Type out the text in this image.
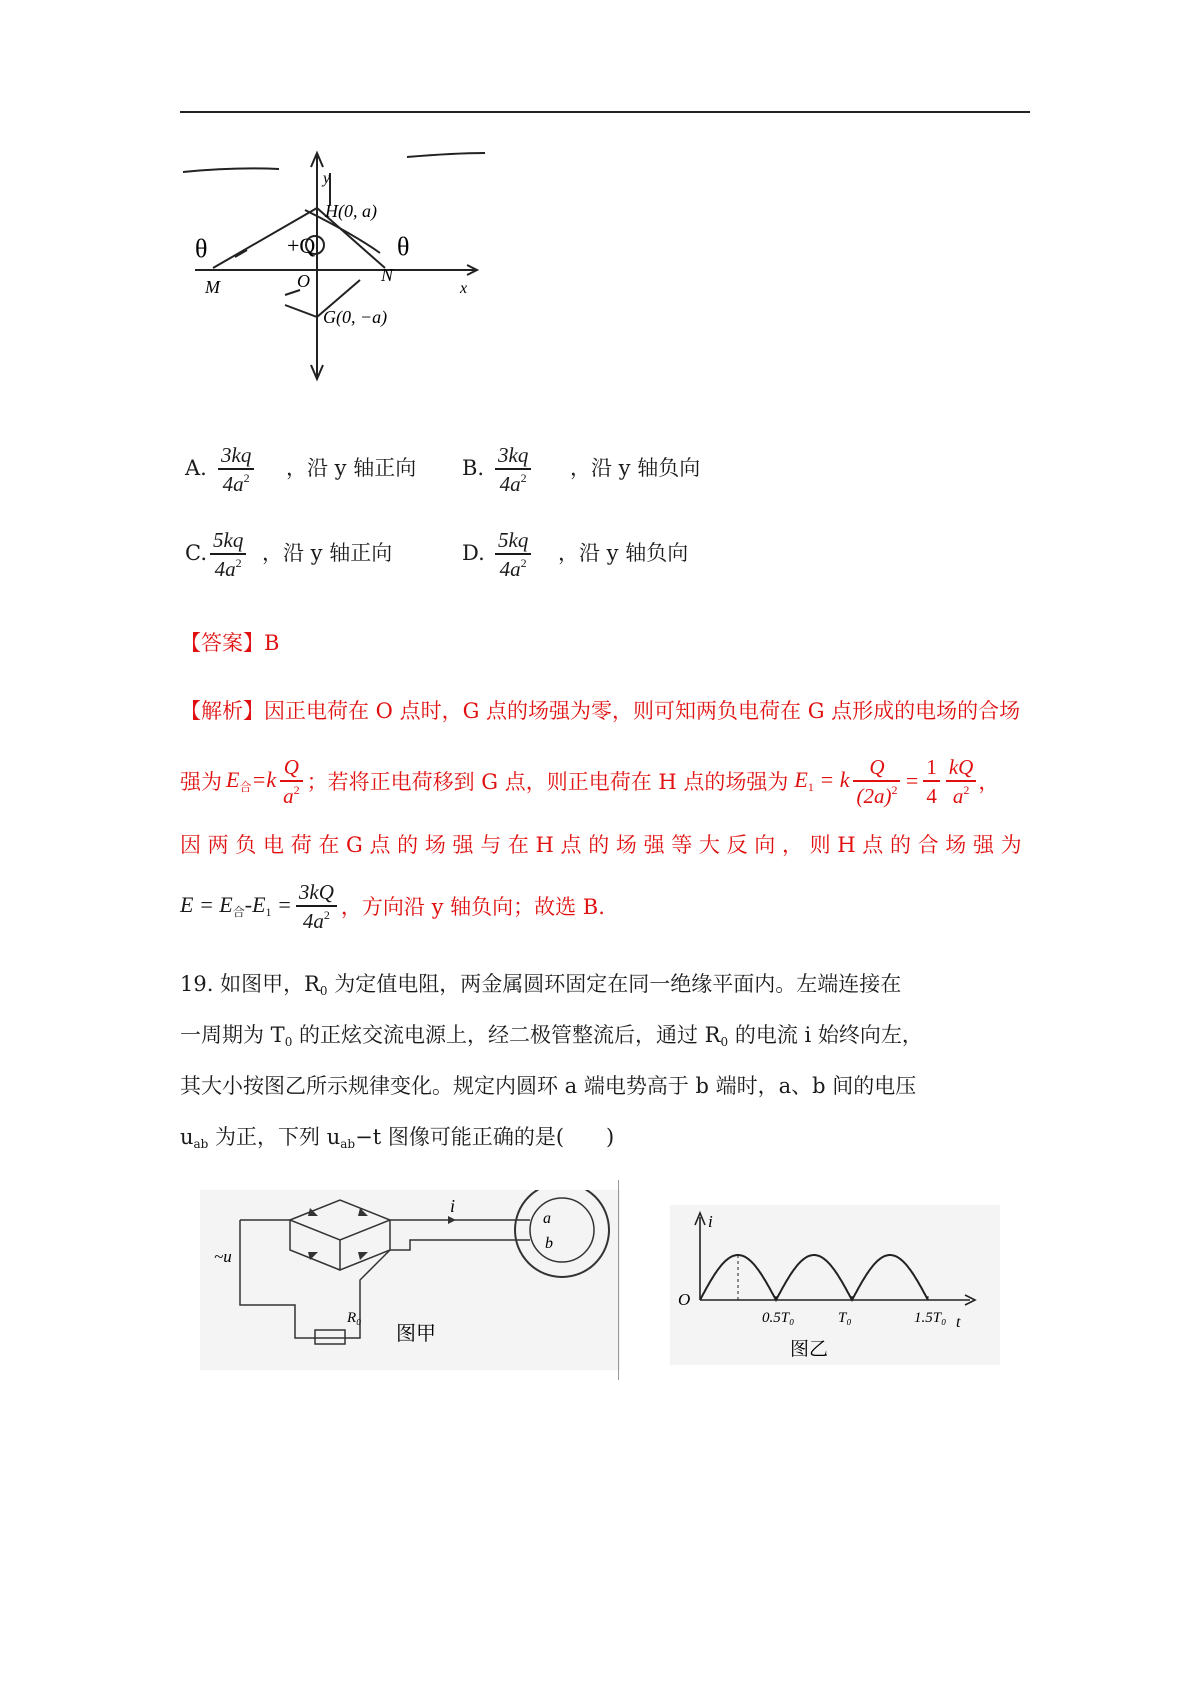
y
x
H(0, a)
G(0, −a)
O
M
N
+Q
θ	θ
A. $\frac{3kq}{4a^2}$ ，沿 y 轴正向 B. $\frac{3kq}{4a^2}$ ，沿 y 轴负向
C. $\frac{5kq}{4a^2}$ ，沿 y 轴正向	D. $\frac{5kq}{4a^2}$ ，沿 y 轴负向
【答案】B
【解析】因正电荷在 O 点时，G 点的场强为零，则可知两负电荷在 G 点形成的电场的合场
强为 $E_合=k \frac{Q}{a^2}$ ；若将正电荷移到 G 点，则正电荷在 H 点的场强为 $E_1 = k \frac{Q}{(2a)^2} = \frac{1}{4} \frac{kQ}{a^2}$ ，
因 两 负 电 荷 在 G 点 的 场 强 与 在 H 点 的 场 强 等 大 反 向 ， 则 H 点 的 合 场 强 为
$E = E_合-E_1 = \frac{3kQ}{4a^2}$ ，方向沿 y 轴负向；故选 B.
19. 如图甲，$R_0$ 为定值电阻，两金属圆环固定在同一绝缘平面内。左端连接在
一周期为 $T_0$ 的正炫交流电源上，经二极管整流后，通过 $R_0$ 的电流 i 始终向左，
其大小按图乙所示规律变化。规定内圆环 a 端电势高于 b 端时，a、b 间的电压
$u_{ab}$ 为正，下列 $u_{ab}-t$ 图像可能正确的是(　　)
~u
i
a
b
R₀
图甲
0.5T₀	T₀	1.5T₀
i
O
t
图乙
